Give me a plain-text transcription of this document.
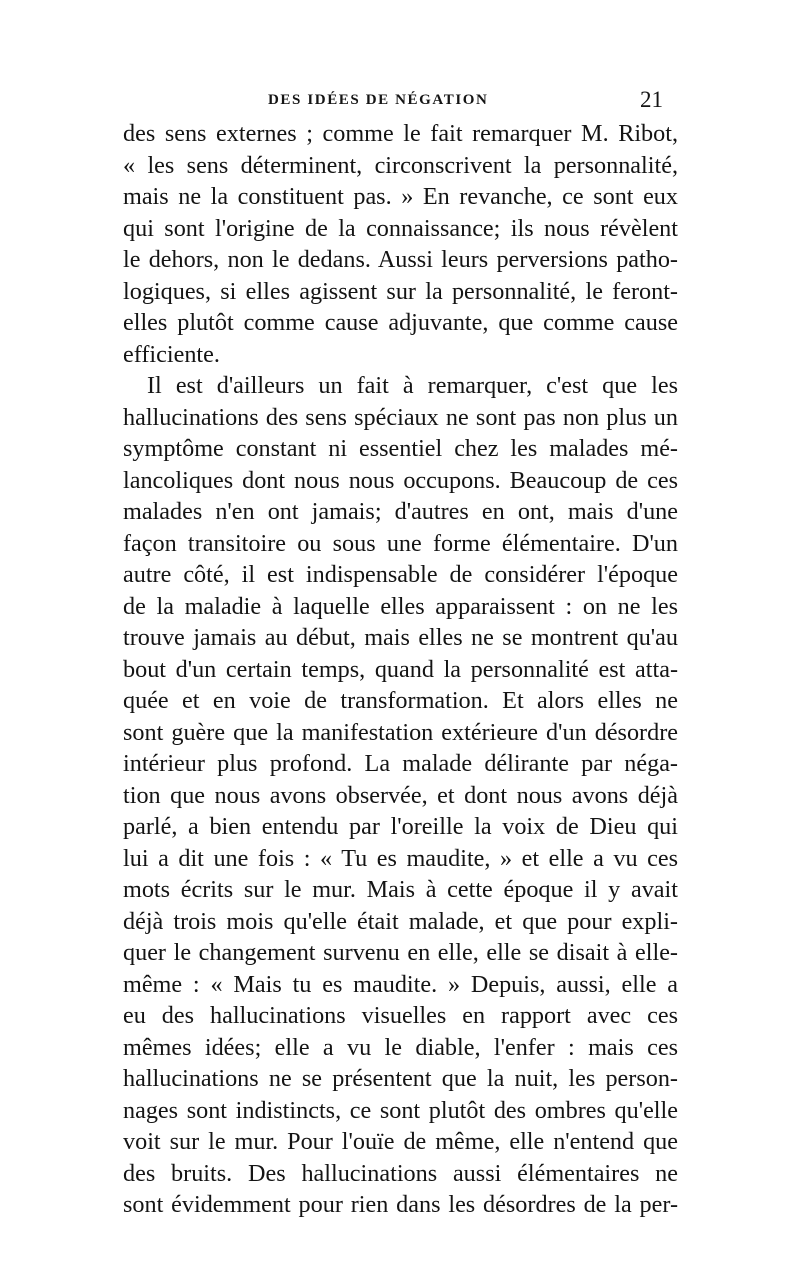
DES IDÉES DE NÉGATION	21
des sens externes ; comme le fait remarquer M. Ribot,
« les sens déterminent, circonscrivent la personnalité,
mais ne la constituent pas. » En revanche, ce sont eux
qui sont l'origine de la connaissance; ils nous révèlent
le dehors, non le dedans. Aussi leurs perversions patho-
logiques, si elles agissent sur la personnalité, le feront-
elles plutôt comme cause adjuvante, que comme cause
efficiente.
Il est d'ailleurs un fait à remarquer, c'est que les
hallucinations des sens spéciaux ne sont pas non plus un
symptôme constant ni essentiel chez les malades mé-
lancoliques dont nous nous occupons. Beaucoup de ces
malades n'en ont jamais; d'autres en ont, mais d'une
façon transitoire ou sous une forme élémentaire. D'un
autre côté, il est indispensable de considérer l'époque
de la maladie à laquelle elles apparaissent : on ne les
trouve jamais au début, mais elles ne se montrent qu'au
bout d'un certain temps, quand la personnalité est atta-
quée et en voie de transformation. Et alors elles ne
sont guère que la manifestation extérieure d'un désordre
intérieur plus profond. La malade délirante par néga-
tion que nous avons observée, et dont nous avons déjà
parlé, a bien entendu par l'oreille la voix de Dieu qui
lui a dit une fois : « Tu es maudite, » et elle a vu ces
mots écrits sur le mur. Mais à cette époque il y avait
déjà trois mois qu'elle était malade, et que pour expli-
quer le changement survenu en elle, elle se disait à elle-
même : « Mais tu es maudite. » Depuis, aussi, elle a
eu des hallucinations visuelles en rapport avec ces
mêmes idées; elle a vu le diable, l'enfer : mais ces
hallucinations ne se présentent que la nuit, les person-
nages sont indistincts, ce sont plutôt des ombres qu'elle
voit sur le mur. Pour l'ouïe de même, elle n'entend que
des bruits. Des hallucinations aussi élémentaires ne
sont évidemment pour rien dans les désordres de la per-
